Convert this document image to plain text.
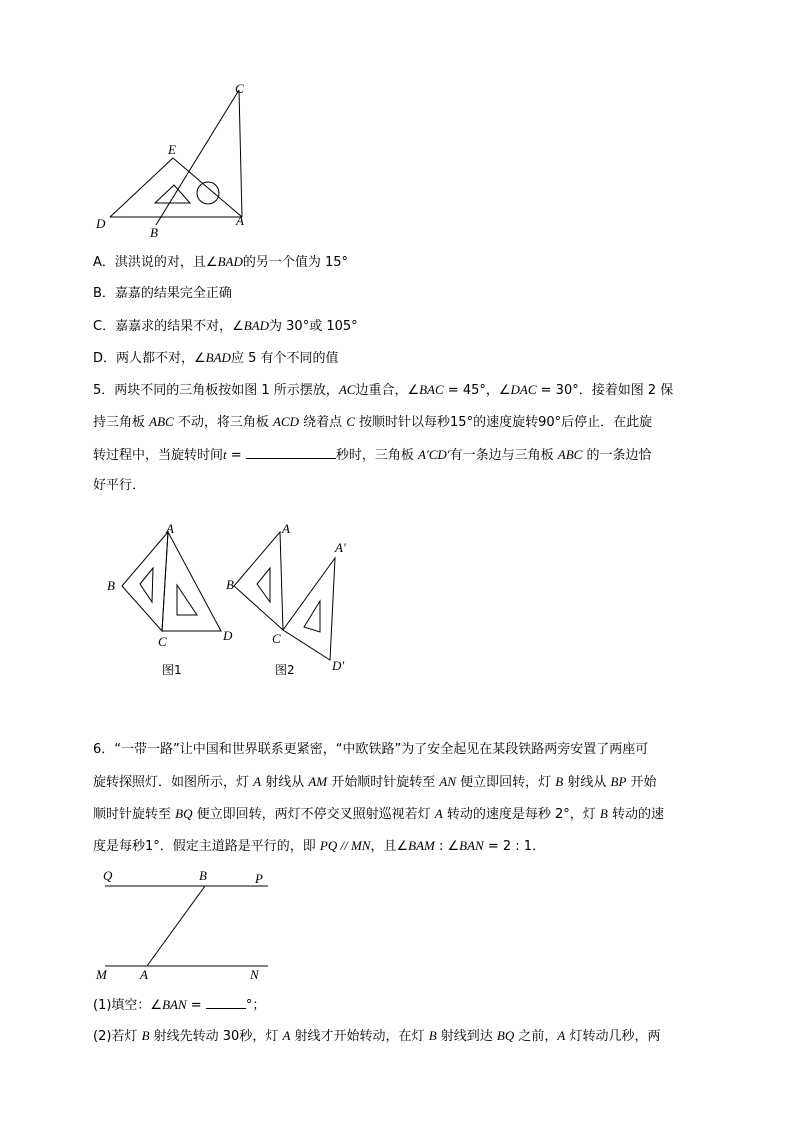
C
E
D
B
A
A．淇洪说的对，且∠BAD的另一个值为 15°
B．嘉嘉的结果完全正确
C．嘉嘉求的结果不对，∠BAD为 30°或 105°
D．两人都不对，∠BAD应 5 有个不同的值
5．两块不同的三角板按如图 1 所示摆放，AC边重合，∠BAC = 45°，∠DAC = 30°．接着如图 2 保
持三角板 ABC 不动，将三角板 ACD 绕着点 C 按顺时针以每秒15°的速度旋转90°后停止．在此旋
转过程中，当旋转时间t =	秒时，三角板 A′CD′有一条边与三角板 ABC 的一条边恰
好平行．
A
B
C	D
图1
A
B
C
A′
D′
图2
6．“一带一路”让中国和世界联系更紧密，“中欧铁路”为了安全起见在某段铁路两旁安置了两座可
旋转探照灯．如图所示，灯 A 射线从 AM 开始顺时针旋转至 AN 便立即回转，灯 B 射线从 BP 开始
顺时针旋转至 BQ 便立即回转，两灯不停交叉照射巡视若灯 A 转动的速度是每秒 2°，灯 B 转动的速
度是每秒1°．假定主道路是平行的，即 PQ // MN，且∠BAM : ∠BAN = 2 : 1．
Q	B	P
M	A	N
(1)填空：∠BAN =	°；
(2)若灯 B 射线先转动 30秒，灯 A 射线才开始转动，在灯 B 射线到达 BQ 之前，A 灯转动几秒，两
